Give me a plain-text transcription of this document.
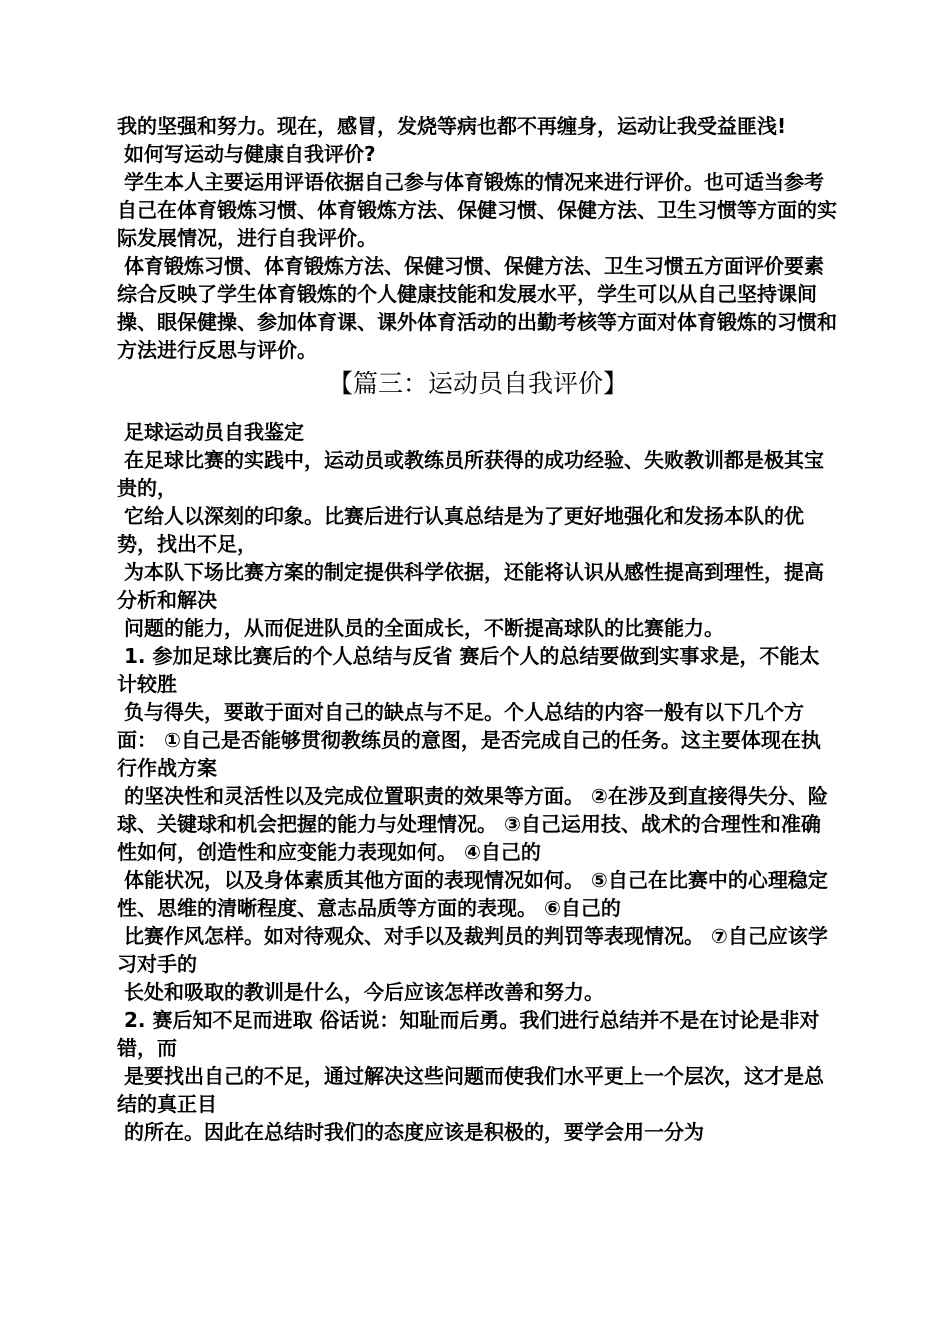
我的坚强和努力。现在，感冒，发烧等病也都不再缠身，运动让我受益匪浅!

如何写运动与健康自我评价?

学生本人主要运用评语依据自己参与体育锻炼的情况来进行评价。也可适当参考自己在体育锻炼习惯、体育锻炼方法、保健习惯、保健方法、卫生习惯等方面的实际发展情况，进行自我评价。

体育锻炼习惯、体育锻炼方法、保健习惯、保健方法、卫生习惯五方面评价要素综合反映了学生体育锻炼的个人健康技能和发展水平，学生可以从自己坚持课间操、眼保健操、参加体育课、课外体育活动的出勤考核等方面对体育锻炼的习惯和方法进行反思与评价。

【篇三：运动员自我评价】

足球运动员自我鉴定

在足球比赛的实践中，运动员或教练员所获得的成功经验、失败教训都是极其宝贵的，

它给人以深刻的印象。比赛后进行认真总结是为了更好地强化和发扬本队的优势，找出不足，

为本队下场比赛方案的制定提供科学依据，还能将认识从感性提高到理性，提高分析和解决

问题的能力，从而促进队员的全面成长，不断提高球队的比赛能力。

1. 参加足球比赛后的个人总结与反省 赛后个人的总结要做到实事求是，不能太计较胜

负与得失，要敢于面对自己的缺点与不足。个人总结的内容一般有以下几个方面： ①自己是否能够贯彻教练员的意图，是否完成自己的任务。这主要体现在执行作战方案

的坚决性和灵活性以及完成位置职责的效果等方面。 ②在涉及到直接得失分、险球、关键球和机会把握的能力与处理情况。 ③自己运用技、战术的合理性和准确性如何，创造性和应变能力表现如何。 ④自己的

体能状况，以及身体素质其他方面的表现情况如何。 ⑤自己在比赛中的心理稳定性、思维的清晰程度、意志品质等方面的表现。 ⑥自己的

比赛作风怎样。如对待观众、对手以及裁判员的判罚等表现情况。 ⑦自己应该学习对手的

长处和吸取的教训是什么，今后应该怎样改善和努力。

2. 赛后知不足而进取 俗话说：知耻而后勇。我们进行总结并不是在讨论是非对错，而

是要找出自己的不足，通过解决这些问题而使我们水平更上一个层次，这才是总结的真正目

的所在。因此在总结时我们的态度应该是积极的，要学会用一分为
